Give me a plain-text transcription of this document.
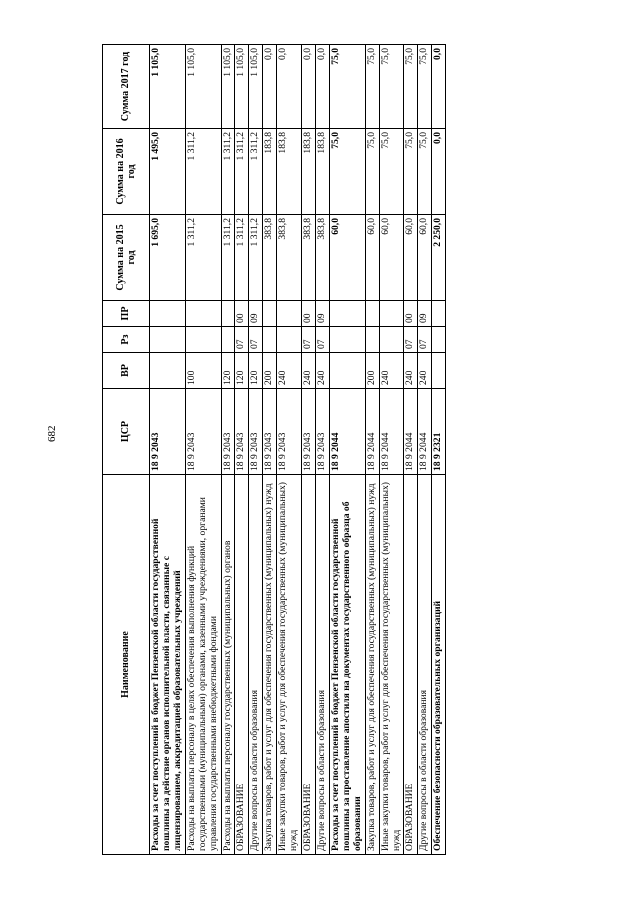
682
Наименование	ЦСР	ВР	Рз	ПР	Сумма на 2015 год	Сумма на 2016 год	Сумма 2017 год
Расходы за счет поступлений в бюджет Пензенской области государственной пошлины за действие органов исполнительной власти, связанные с лицензированием, аккредитацией образовательных учреждений	18 9 2043				1 695,0	1 495,0	1 105,0
Расходы на выплаты персоналу в целях обеспечения выполнения функций государственными (муниципальными) органами, казенными учреждениями, органами управления государственными внебюджетными фондами	18 9 2043	100			1 311,2	1 311,2	1 105,0
Расходы на выплаты персоналу государственных (муниципальных) органов	18 9 2043	120			1 311,2	1 311,2	1 105,0
ОБРАЗОВАНИЕ	18 9 2043	120	07	00	1 311,2	1 311,2	1 105,0
Другие вопросы в области образования	18 9 2043	120	07	09	1 311,2	1 311,2	1 105,0
Закупка товаров, работ и услуг для обеспечения государственных (муниципальных) нужд	18 9 2043	200			383,8	183,8	0,0
Иные закупки товаров, работ и услуг для обеспечения государственных (муниципальных) нужд	18 9 2043	240			383,8	183,8	0,0
ОБРАЗОВАНИЕ	18 9 2043	240	07	00	383,8	183,8	0,0
Другие вопросы в области образования	18 9 2043	240	07	09	383,8	183,8	0,0
Расходы за счет поступлений в бюджет Пензенской области государственной пошлины за проставление апостиля на документах государственного образца об образовании	18 9 2044				60,0	75,0	75,0
Закупка товаров, работ и услуг для обеспечения государственных (муниципальных) нужд	18 9 2044	200			60,0	75,0	75,0
Иные закупки товаров, работ и услуг для обеспечения государственных (муниципальных) нужд	18 9 2044	240			60,0	75,0	75,0
ОБРАЗОВАНИЕ	18 9 2044	240	07	00	60,0	75,0	75,0
Другие вопросы в области образования	18 9 2044	240	07	09	60,0	75,0	75,0
Обеспечение безопасности образовательных организаций	18 9 2321				2 250,0	0,0	0,0
